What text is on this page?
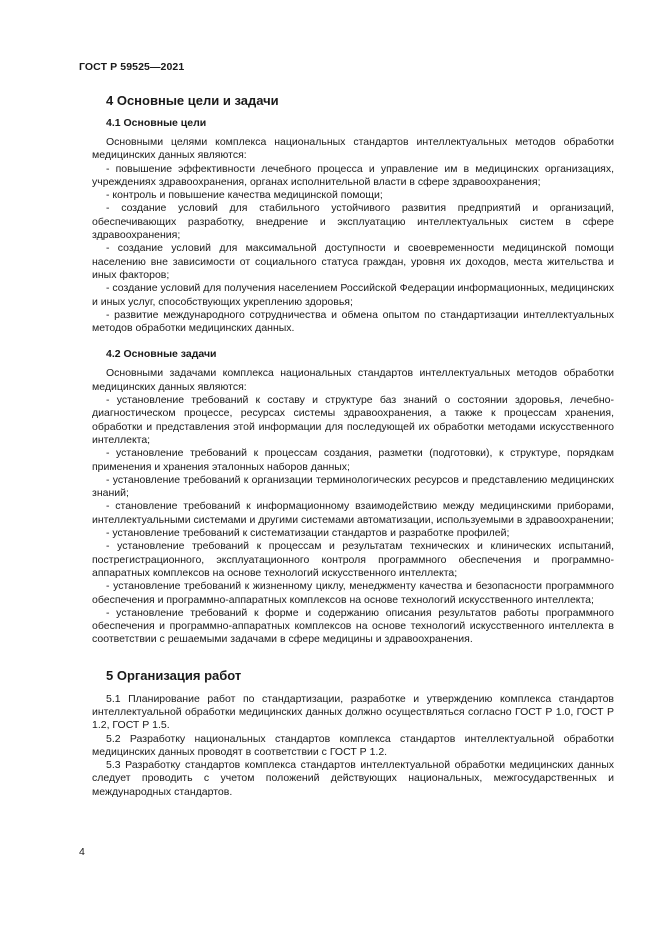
ГОСТ Р 59525—2021
4 Основные цели и задачи
4.1 Основные цели

Основными целями комплекса национальных стандартов интеллектуальных методов обработки медицинских данных являются:

- повышение эффективности лечебного процесса и управление им в медицинских организациях, учреждениях здравоохранения, органах исполнительной власти в сфере здравоохранения;

- контроль и повышение качества медицинской помощи;

- создание условий для стабильного устойчивого развития предприятий и организаций, обеспечивающих разработку, внедрение и эксплуатацию интеллектуальных систем в сфере здравоохранения;

- создание условий для максимальной доступности и своевременности медицинской помощи населению вне зависимости от социального статуса граждан, уровня их доходов, места жительства и иных факторов;

- создание условий для получения населением Российской Федерации информационных, медицинских и иных услуг, способствующих укреплению здоровья;

- развитие международного сотрудничества и обмена опытом по стандартизации интеллектуальных методов обработки медицинских данных.

4.2 Основные задачи

Основными задачами комплекса национальных стандартов интеллектуальных методов обработки медицинских данных являются:

- установление требований к составу и структуре баз знаний о состоянии здоровья, лечебно-диагностическом процессе, ресурсах системы здравоохранения, а также к процессам хранения, обработки и представления этой информации для последующей их обработки методами искусственного интеллекта;

- установление требований к процессам создания, разметки (подготовки), к структуре, порядкам применения и хранения эталонных наборов данных;

- установление требований к организации терминологических ресурсов и представлению медицинских знаний;

- становление требований к информационному взаимодействию между медицинскими приборами, интеллектуальными системами и другими системами автоматизации, используемыми в здравоохранении;

- установление требований к систематизации стандартов и разработке профилей;

- установление требований к процессам и результатам технических и клинических испытаний, пострегистрационного, эксплуатационного контроля программного обеспечения и программно-аппаратных комплексов на основе технологий искусственного интеллекта;

- установление требований к жизненному циклу, менеджменту качества и безопасности программного обеспечения и программно-аппаратных комплексов на основе технологий искусственного интеллекта;

- установление требований к форме и содержанию описания результатов работы программного обеспечения и программно-аппаратных комплексов на основе технологий искусственного интеллекта в соответствии с решаемыми задачами в сфере медицины и здравоохранения.

5 Организация работ

5.1 Планирование работ по стандартизации, разработке и утверждению комплекса стандартов интеллектуальной обработки медицинских данных должно осуществляться согласно ГОСТ Р 1.0, ГОСТ Р 1.2, ГОСТ Р 1.5.

5.2 Разработку национальных стандартов комплекса стандартов интеллектуальной обработки медицинских данных проводят в соответствии с ГОСТ Р 1.2.

5.3 Разработку стандартов комплекса стандартов интеллектуальной обработки медицинских данных следует проводить с учетом положений действующих национальных, межгосударственных и международных стандартов.

4
